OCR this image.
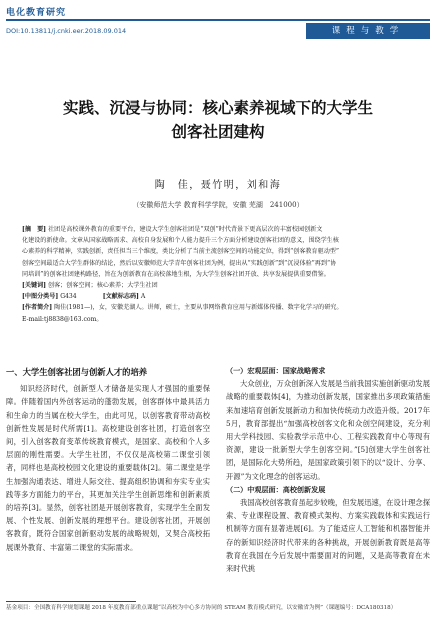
电化教育研究
DOI:10.13811/j.cnki.eer.2018.09.014	课程与教学
实践、沉浸与协同：核心素养视域下的大学生
创客社团建构
陶　佳，聂竹明，刘和海
（安徽师范大学 教育科学学院，安徽 芜湖　241000）
[摘　要] 社团是高校课外教育的重要平台，建设大学生创客社团是“双创”时代背景下更高层次的丰富校园创新文
化建设的新使命。文章从国家战略需求、高校自身发展和个人能力提升三个方面分析建设创客社团的意义，围绕学生核
心素养的科学精神，实践创新，责任担当三个维度，类比分析了当前主流创客空间的功能定位，得到“创客教育驱动型”
创客空间最适合大学生群体的结论，然后以安徽师范大学青年创客社团为例，提出从“实践创新”到“沉浸体验”再到“协
同培训”的创客社团建构路径，旨在为创新教育在高校落地生根，为大学生创客社团开放、共享发展提供重要借鉴。
[关键词] 创客；创客空间；核心素养；大学生社团
[中图分类号] G434	[文献标志码] A
[作者简介] 陶佳(1981—)，女，安徽芜湖人。讲师，硕士，主要从事网络教育应用与新媒体传播、数字化学习的研究。
E-mail:tj8838@163.com。
一、大学生创客社团与创新人才的培养

知识经济时代，创新型人才储备是实现人才强国的重要保障。伴随着国内外创客运动的蓬勃发展，创客群体中最具活力和生命力的当属在校大学生，由此可见，以创客教育带动高校创新性发展是时代所需[1]。高校建设创客社团，打造创客空间，引入创客教育变革传统教育模式，是国家、高校和个人多层面的刚性需要。大学生社团，不仅仅是高校第二课堂引领者，同样也是高校校园文化建设的重要载体[2]。第二课堂是学生加强沟通表达、增进人际交往、提高组织协调和夯实专业实践等多方面能力的平台，其更加关注学生创新思维和创新素质的培养[3]。显然，创客社团是开展创客教育，实现学生全面发展、个性发展、创新发展的理想平台。建设创客社团，开展创客教育，既符合国家创新驱动发展的战略规划，又契合高校拓展课外教育、丰富第二课堂的实际需求。

（一）宏观层面：国家战略需求

大众创业，万众创新深入发展是当前我国实施创新驱动发展战略的重要载体[4]，为推动创新发展，国家推出多项政策措施来加速培育创新发展新动力和加快传统动力改造升级。2017年5月，教育部提出“加强高校创客文化和众创空间建设，充分利用大学科技园、实验教学示范中心、工程实践教育中心等现有资源，建设一批新型大学生创客空间。”[5]创建大学生创客社团，是国际化大势所趋，是国家政策引领下的以“设计、分享、开源”为文化理念的创客运动。

（二）中观层面：高校创新发展

我国高校创客教育虽起步较晚，但发展迅速，在设计理念探索、专业课程设置、教育模式架构、方案实践载体和实践运行机制等方面有显著进展[6]。为了能适应人工智能和机器智能并存的新知识经济时代带来的各种挑战，开展创新教育既是高等教育在我国在今后发展中需要面对的问题，又是高等教育在未来时代挑

基金项目：全国教育科学规划课题 2018 年度教育部重点课题“以高校为中心多方协同的 STEAM 教育模式研究，以安徽省为例”（课题编号：DCA180318）
